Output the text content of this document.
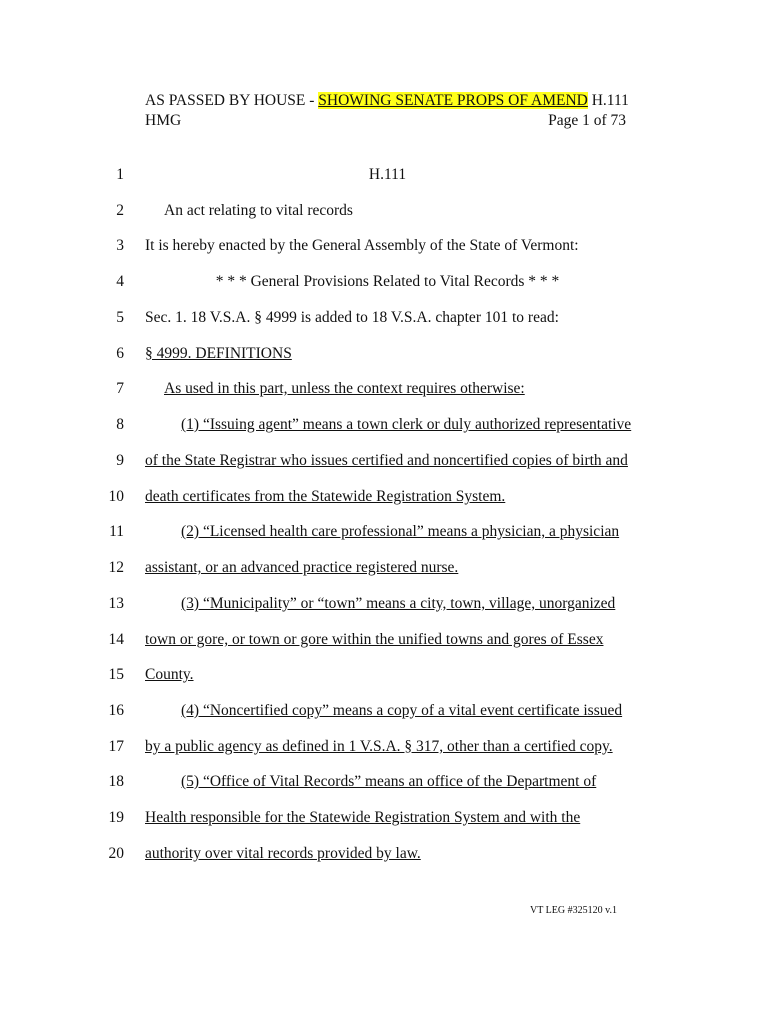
AS PASSED BY HOUSE - SHOWING SENATE PROPS OF AMEND H.111
HMG	Page 1 of 73
1	H.111
2	An act relating to vital records
3 It is hereby enacted by the General Assembly of the State of Vermont:
4	* * * General Provisions Related to Vital Records * * *
5 Sec. 1. 18 V.S.A. § 4999 is added to 18 V.S.A. chapter 101 to read:
6 § 4999. DEFINITIONS
7	As used in this part, unless the context requires otherwise:
8	(1) “Issuing agent” means a town clerk or duly authorized representative
9 of the State Registrar who issues certified and noncertified copies of birth and
10 death certificates from the Statewide Registration System.
11	(2) “Licensed health care professional” means a physician, a physician
12 assistant, or an advanced practice registered nurse.
13	(3) “Municipality” or “town” means a city, town, village, unorganized
14 town or gore, or town or gore within the unified towns and gores of Essex
15 County.
16	(4) “Noncertified copy” means a copy of a vital event certificate issued
17 by a public agency as defined in 1 V.S.A. § 317, other than a certified copy.
18	(5) “Office of Vital Records” means an office of the Department of
19 Health responsible for the Statewide Registration System and with the
20 authority over vital records provided by law.
VT LEG #325120 v.1
